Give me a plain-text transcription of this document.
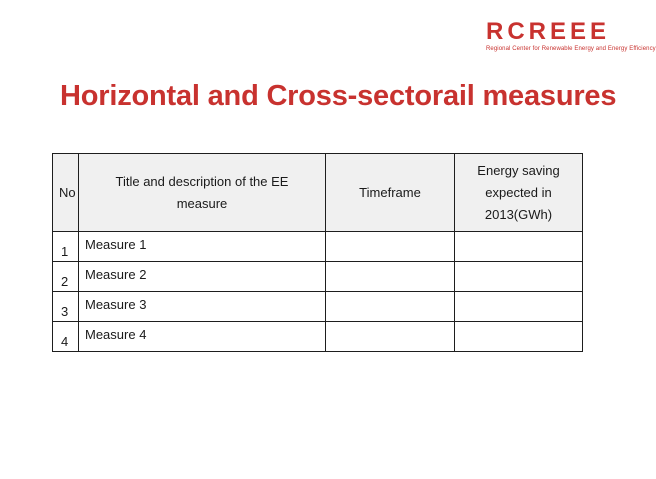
RCREEE
Regional Center for Renewable Energy and Energy Efficiency
Horizontal and Cross-sectorail measures
No	Title and description of the EE measure	Timeframe	Energy saving expected in 2013(GWh)

1	Measure 1		

2	Measure 2		

3	Measure 3		

4	Measure 4		
